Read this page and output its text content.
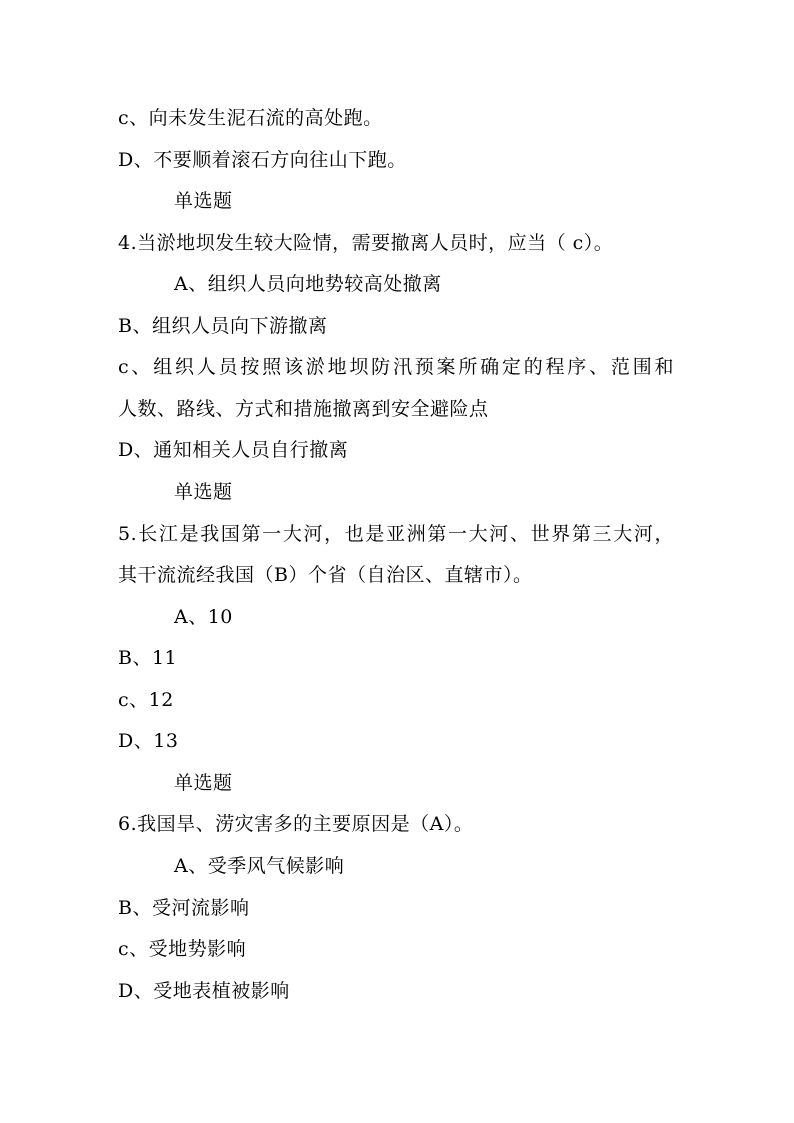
c、向未发生泥石流的高处跑。
D、不要顺着滚石方向往山下跑。
单选题
4.当淤地坝发生较大险情，需要撤离人员时，应当（ c）。
A、组织人员向地势较高处撤离
B、组织人员向下游撤离
c、组织人员按照该淤地坝防汛预案所确定的程序、范围和
人数、路线、方式和措施撤离到安全避险点
D、通知相关人员自行撤离
单选题
5.长江是我国第一大河，也是亚洲第一大河、世界第三大河，
其干流流经我国（B）个省（自治区、直辖市）。
A、10
B、11
c、12
D、13
单选题
6.我国旱、涝灾害多的主要原因是（A）。
A、受季风气候影响
B、受河流影响
c、受地势影响
D、受地表植被影响
